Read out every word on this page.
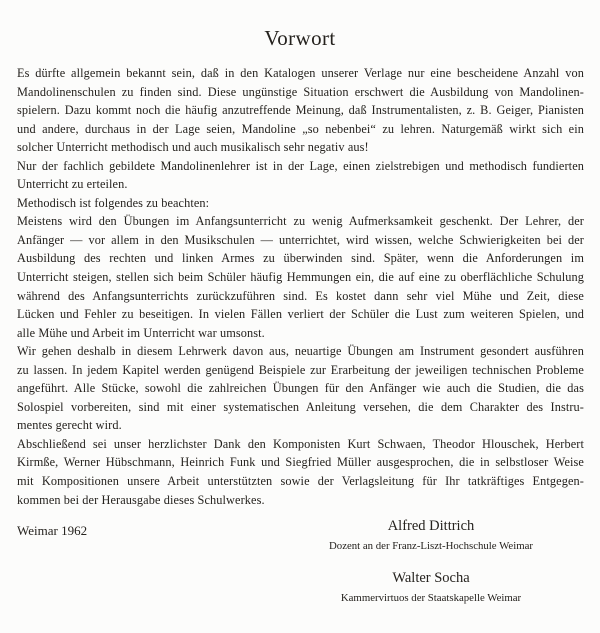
Vorwort

Es dürfte allgemein bekannt sein, daß in den Katalogen unserer Verlage nur eine bescheidene Anzahl von

Mandolinenschulen zu finden sind. Diese ungünstige Situation erschwert die Ausbildung von Mandolinen-

spielern. Dazu kommt noch die häufig anzutreffende Meinung, daß Instrumentalisten, z. B. Geiger, Pianisten

und andere, durchaus in der Lage seien, Mandoline „so nebenbei“ zu lehren. Naturgemäß wirkt sich ein

solcher Unterricht methodisch und auch musikalisch sehr negativ aus!

Nur der fachlich gebildete Mandolinenlehrer ist in der Lage, einen zielstrebigen und methodisch fundierten

Unterricht zu erteilen.

Methodisch ist folgendes zu beachten:

Meistens wird den Übungen im Anfangsunterricht zu wenig Aufmerksamkeit geschenkt. Der Lehrer, der

Anfänger — vor allem in den Musikschulen — unterrichtet, wird wissen, welche Schwierigkeiten bei der

Ausbildung des rechten und linken Armes zu überwinden sind. Später, wenn die Anforderungen im

Unterricht steigen, stellen sich beim Schüler häufig Hemmungen ein, die auf eine zu oberflächliche Schulung

während des Anfangsunterrichts zurückzuführen sind. Es kostet dann sehr viel Mühe und Zeit, diese

Lücken und Fehler zu beseitigen. In vielen Fällen verliert der Schüler die Lust zum weiteren Spielen, und

alle Mühe und Arbeit im Unterricht war umsonst.

Wir gehen deshalb in diesem Lehrwerk davon aus, neuartige Übungen am Instrument gesondert ausführen

zu lassen. In jedem Kapitel werden genügend Beispiele zur Erarbeitung der jeweiligen technischen Probleme

angeführt. Alle Stücke, sowohl die zahlreichen Übungen für den Anfänger wie auch die Studien, die das

Solospiel vorbereiten, sind mit einer systematischen Anleitung versehen, die dem Charakter des Instru-

mentes gerecht wird.

Abschließend sei unser herzlichster Dank den Komponisten Kurt Schwaen, Theodor Hlouschek, Herbert

Kirmße, Werner Hübschmann, Heinrich Funk und Siegfried Müller ausgesprochen, die in selbstloser Weise

mit Kompositionen unsere Arbeit unterstützten sowie der Verlagsleitung für Ihr tatkräftiges Entgegen-

kommen bei der Herausgabe dieses Schulwerkes.

Weimar 1962	Alfred Dittrich
Dozent an der Franz-Liszt-Hochschule Weimar
Walter Socha
Kammervirtuos der Staatskapelle Weimar
